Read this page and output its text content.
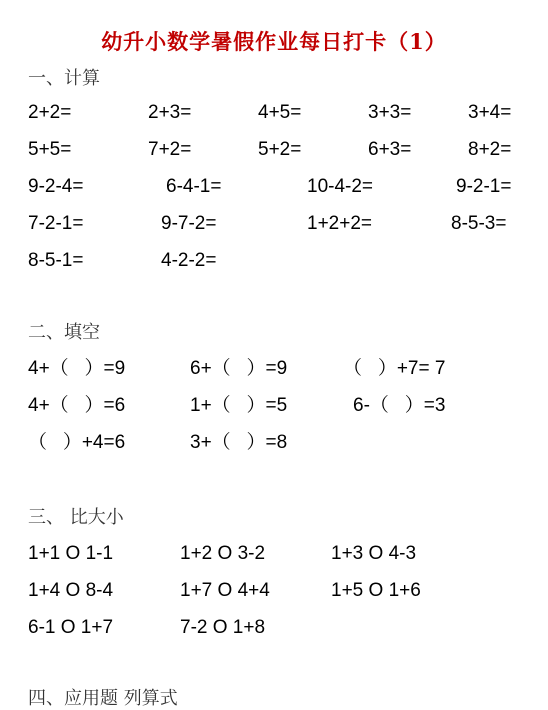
幼升小数学暑假作业每日打卡（1）
一、计算
二、填空
三、 比大小
四、应用题 列算式
2+2=	2+3=	4+5=	3+3=	3+4=
5+5=	7+2=	5+2=	6+3=	8+2=
9-2-4=	6-4-1=	10-4-2=	9-2-1=
7-2-1=	9-7-2=	1+2+2=	8-5-3=
8-5-1=	4-2-2=
4+（   ）=9	6+（   ）=9	（   ）+7= 7
4+（   ）=6	1+（   ）=5	6-（   ）=3
（   ）+4=6	3+（   ）=8
1+1 O 1-1	1+2 O 3-2	1+3 O 4-3
1+4 O 8-4	1+7 O 4+4	1+5 O 1+6
6-1 O 1+7	7-2 O 1+8
